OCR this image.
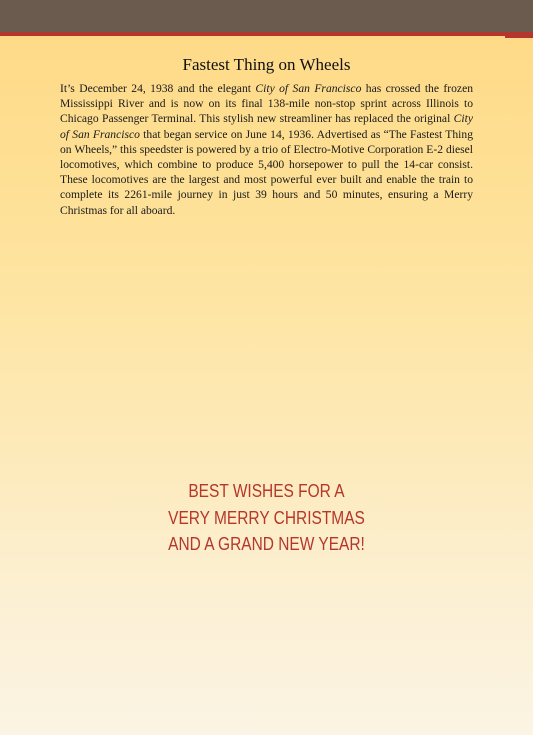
Fastest Thing on Wheels

It’s December 24, 1938 and the elegant City of San Francisco has crossed the frozen Mississippi River and is now on its final 138-mile non-stop sprint across Illinois to Chicago Passenger Terminal. This stylish new streamliner has replaced the original City of San Francisco that began service on June 14, 1936. Advertised as “The Fastest Thing on Wheels,” this speedster is powered by a trio of Electro-Motive Corporation E-2 diesel locomotives, which combine to produce 5,400 horsepower to pull the 14-car consist. These locomotives are the largest and most powerful ever built and enable the train to complete its 2261-mile journey in just 39 hours and 50 minutes, ensuring a Merry Christmas for all aboard.

BEST WISHES FOR A
VERY MERRY CHRISTMAS
AND A GRAND NEW YEAR!
